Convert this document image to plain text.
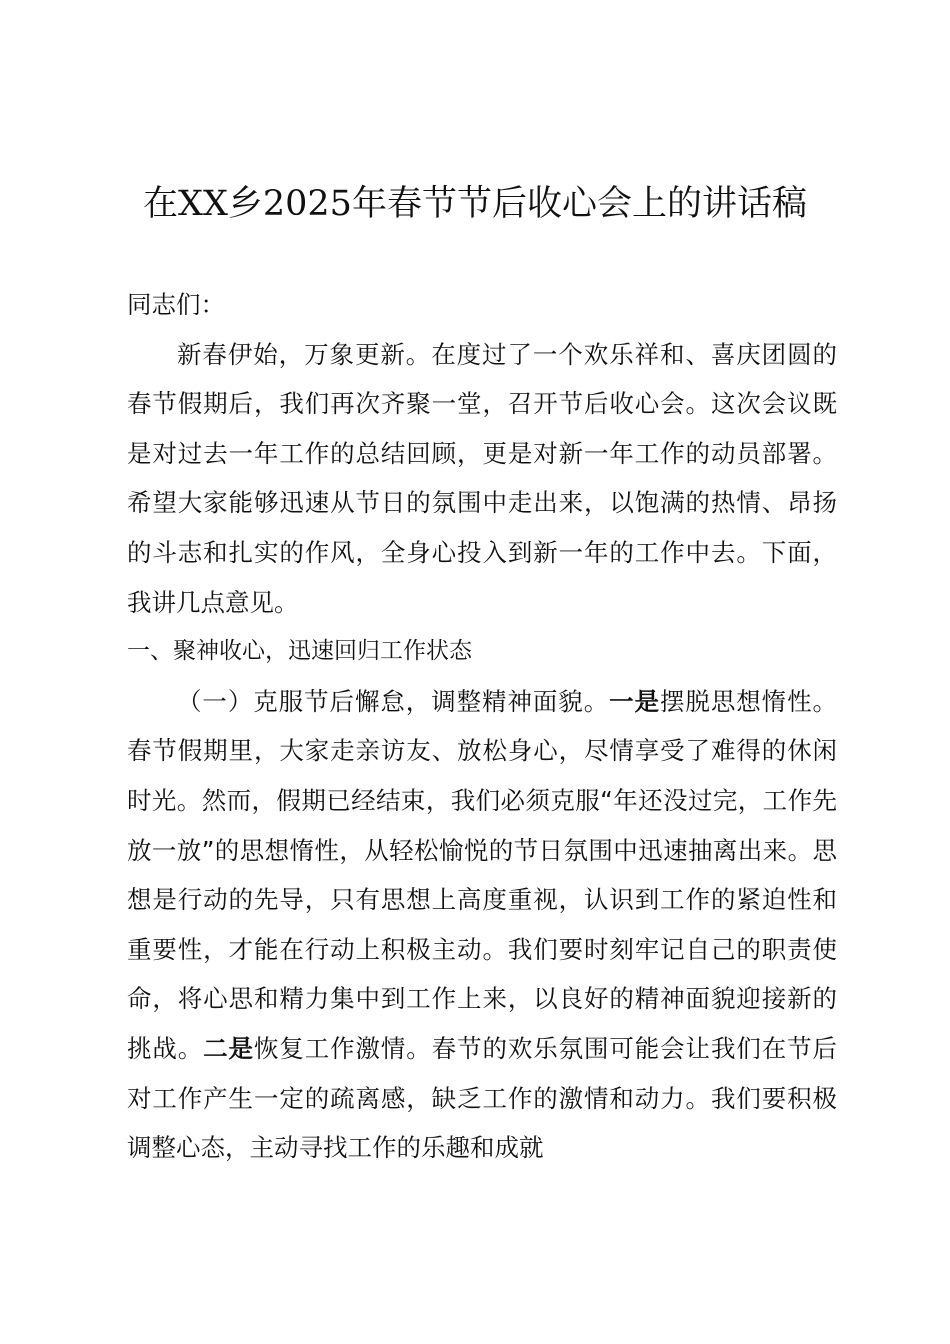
在XX乡2025年春节节后收心会上的讲话稿

同志们：

新春伊始，万象更新。在度过了一个欢乐祥和、喜庆团圆的春节假期后，我们再次齐聚一堂，召开节后收心会。这次会议既是对过去一年工作的总结回顾，更是对新一年工作的动员部署。希望大家能够迅速从节日的氛围中走出来，以饱满的热情、昂扬的斗志和扎实的作风，全身心投入到新一年的工作中去。下面，我讲几点意见。

一、聚神收心，迅速回归工作状态

（一）克服节后懈怠，调整精神面貌。一是摆脱思想惰性。春节假期里，大家走亲访友、放松身心，尽情享受了难得的休闲时光。然而，假期已经结束，我们必须克服“年还没过完，工作先放一放”的思想惰性，从轻松愉悦的节日氛围中迅速抽离出来。思想是行动的先导，只有思想上高度重视，认识到工作的紧迫性和重要性，才能在行动上积极主动。我们要时刻牢记自己的职责使命，将心思和精力集中到工作上来，以良好的精神面貌迎接新的挑战。二是恢复工作激情。春节的欢乐氛围可能会让我们在节后对工作产生一定的疏离感，缺乏工作的激情和动力。我们要积极调整心态，主动寻找工作的乐趣和成就
